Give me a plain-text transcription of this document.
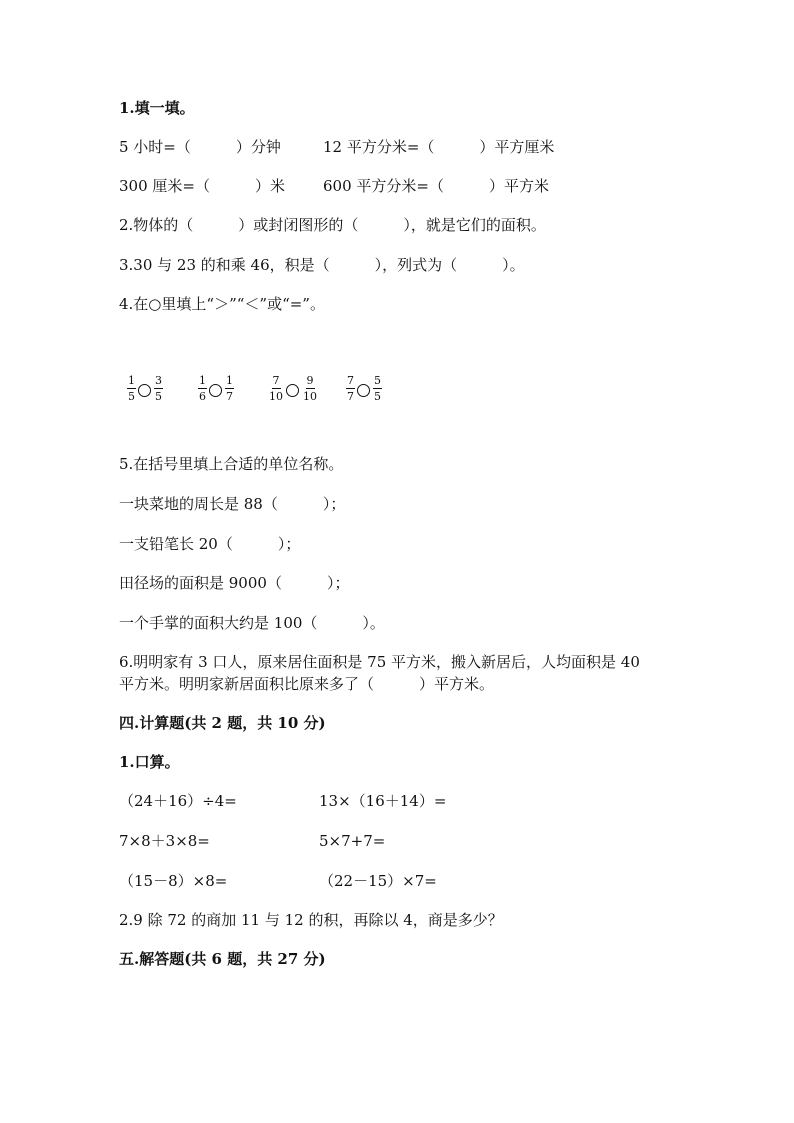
1.填一填。
5 小时=（　　　）分钟	12 平方分米=（　　　）平方厘米
300 厘米=（　　　）米	600 平方分米=（　　　）平方米
2.物体的（　　　）或封闭图形的（　　　），就是它们的面积。
3.30 与 23 的和乘 46，积是（　　　），列式为（　　　）。
4.在○里填上“＞”“＜”或“=”。
$\frac{1}{5} \frac{3}{5}$	$\frac{1}{6} \frac{1}{7}$	$\frac{7}{10} \frac{9}{10}$	$\frac{7}{7} \frac{5}{5}$
5.在括号里填上合适的单位名称。
一块菜地的周长是 88（　　　）；
一支铅笔长 20（　　　）；
田径场的面积是 9000（　　　）；
一个手掌的面积大约是 100（　　　）。
6.明明家有 3 口人，原来居住面积是 75 平方米，搬入新居后，人均面积是 40
平方米。明明家新居面积比原来多了（　　　）平方米。
四.计算题(共 2 题，共 10 分)
1.口算。
（24＋16）÷4=	13×（16＋14）=
7×8＋3×8=	5×7+7=
（15－8）×8=	（22－15）×7=
2.9 除 72 的商加 11 与 12 的积，再除以 4，商是多少？
五.解答题(共 6 题，共 27 分)
